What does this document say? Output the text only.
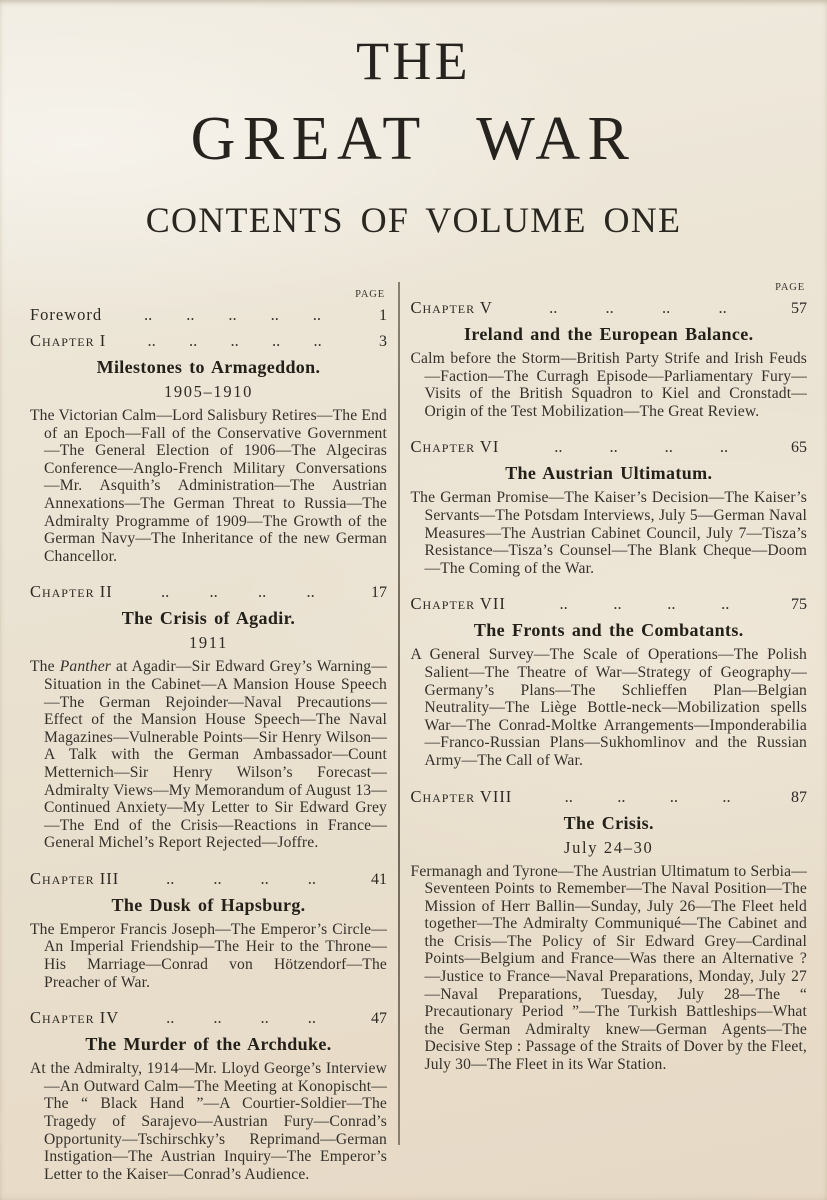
THE
GREAT WAR
CONTENTS OF VOLUME ONE
PAGE
Foreword	.. .. .. .. ..	1
Chapter I	.. .. .. .. ..	3
Milestones to Armageddon.
1905–1910
The Victorian Calm—Lord Salisbury Retires—The End of an Epoch—Fall of the Conservative Government—The General Election of 1906—The Algeciras Conference—Anglo-French Military Conversations—Mr. Asquith’s Administration—The Austrian Annexations—The German Threat to Russia—The Admiralty Programme of 1909—The Growth of the German Navy—The Inheritance of the new German Chancellor.
Chapter II	.. .. .. ..	17
The Crisis of Agadir.
1911
The Panther at Agadir—Sir Edward Grey’s Warning—Situation in the Cabinet—A Mansion House Speech—The German Rejoinder—Naval Precautions—Effect of the Mansion House Speech—The Naval Magazines—Vulnerable Points—Sir Henry Wilson—A Talk with the German Ambassador—Count Metternich—Sir Henry Wilson’s Forecast—Admiralty Views—My Memorandum of August 13—Continued Anxiety—My Letter to Sir Edward Grey—The End of the Crisis—Reactions in France—General Michel’s Report Rejected—Joffre.
Chapter III	.. .. .. ..	41
The Dusk of Hapsburg.
The Emperor Francis Joseph—The Emperor’s Circle—An Imperial Friendship—The Heir to the Throne—His Marriage—Conrad von Hötzendorf—The Preacher of War.
Chapter IV	.. .. .. ..	47
The Murder of the Archduke.
At the Admiralty, 1914—Mr. Lloyd George’s Interview—An Outward Calm—The Meeting at Konopischt—The “ Black Hand ”—A Courtier-Soldier—The Tragedy of Sarajevo—Austrian Fury—Conrad’s Opportunity—Tschirschky’s Reprimand—German Instigation—The Austrian Inquiry—The Emperor’s Letter to the Kaiser—Conrad’s Audience.
PAGE
Chapter V	..	..	..	..	57
Ireland and the European Balance.
Calm before the Storm—British Party Strife and Irish Feuds—Faction—The Curragh Episode—Parliamentary Fury—Visits of the British Squadron to Kiel and Cronstadt—Origin of the Test Mobilization—The Great Review.
Chapter VI	..	..	..	..	65
The Austrian Ultimatum.
The German Promise—The Kaiser’s Decision—The Kaiser’s Servants—The Potsdam Interviews, July 5—German Naval Measures—The Austrian Cabinet Council, July 7—Tisza’s Resistance—Tisza’s Counsel—The Blank Cheque—Doom—The Coming of the War.
Chapter VII	..	..	..	..	75
The Fronts and the Combatants.
A General Survey—The Scale of Operations—The Polish Salient—The Theatre of War—Strategy of Geography—Germany’s Plans—The Schlieffen Plan—Belgian Neutrality—The Liège Bottle-neck—Mobilization spells War—The Conrad-Moltke Arrangements—Imponderabilia—Franco-Russian Plans—Sukhomlinov and the Russian Army—The Call of War.
Chapter VIII	..	..	..	..	87
The Crisis.
July 24–30
Fermanagh and Tyrone—The Austrian Ultimatum to Serbia—Seventeen Points to Remember—The Naval Position—The Mission of Herr Ballin—Sunday, July 26—The Fleet held together—The Admiralty Communiqué—The Cabinet and the Crisis—The Policy of Sir Edward Grey—Cardinal Points—Belgium and France—Was there an Alternative ?—Justice to France—Naval Preparations, Monday, July 27—Naval Preparations, Tuesday, July 28—The “ Precautionary Period ”—The Turkish Battleships—What the German Admiralty knew—German Agents—The Decisive Step : Passage of the Straits of Dover by the Fleet, July 30—The Fleet in its War Station.
